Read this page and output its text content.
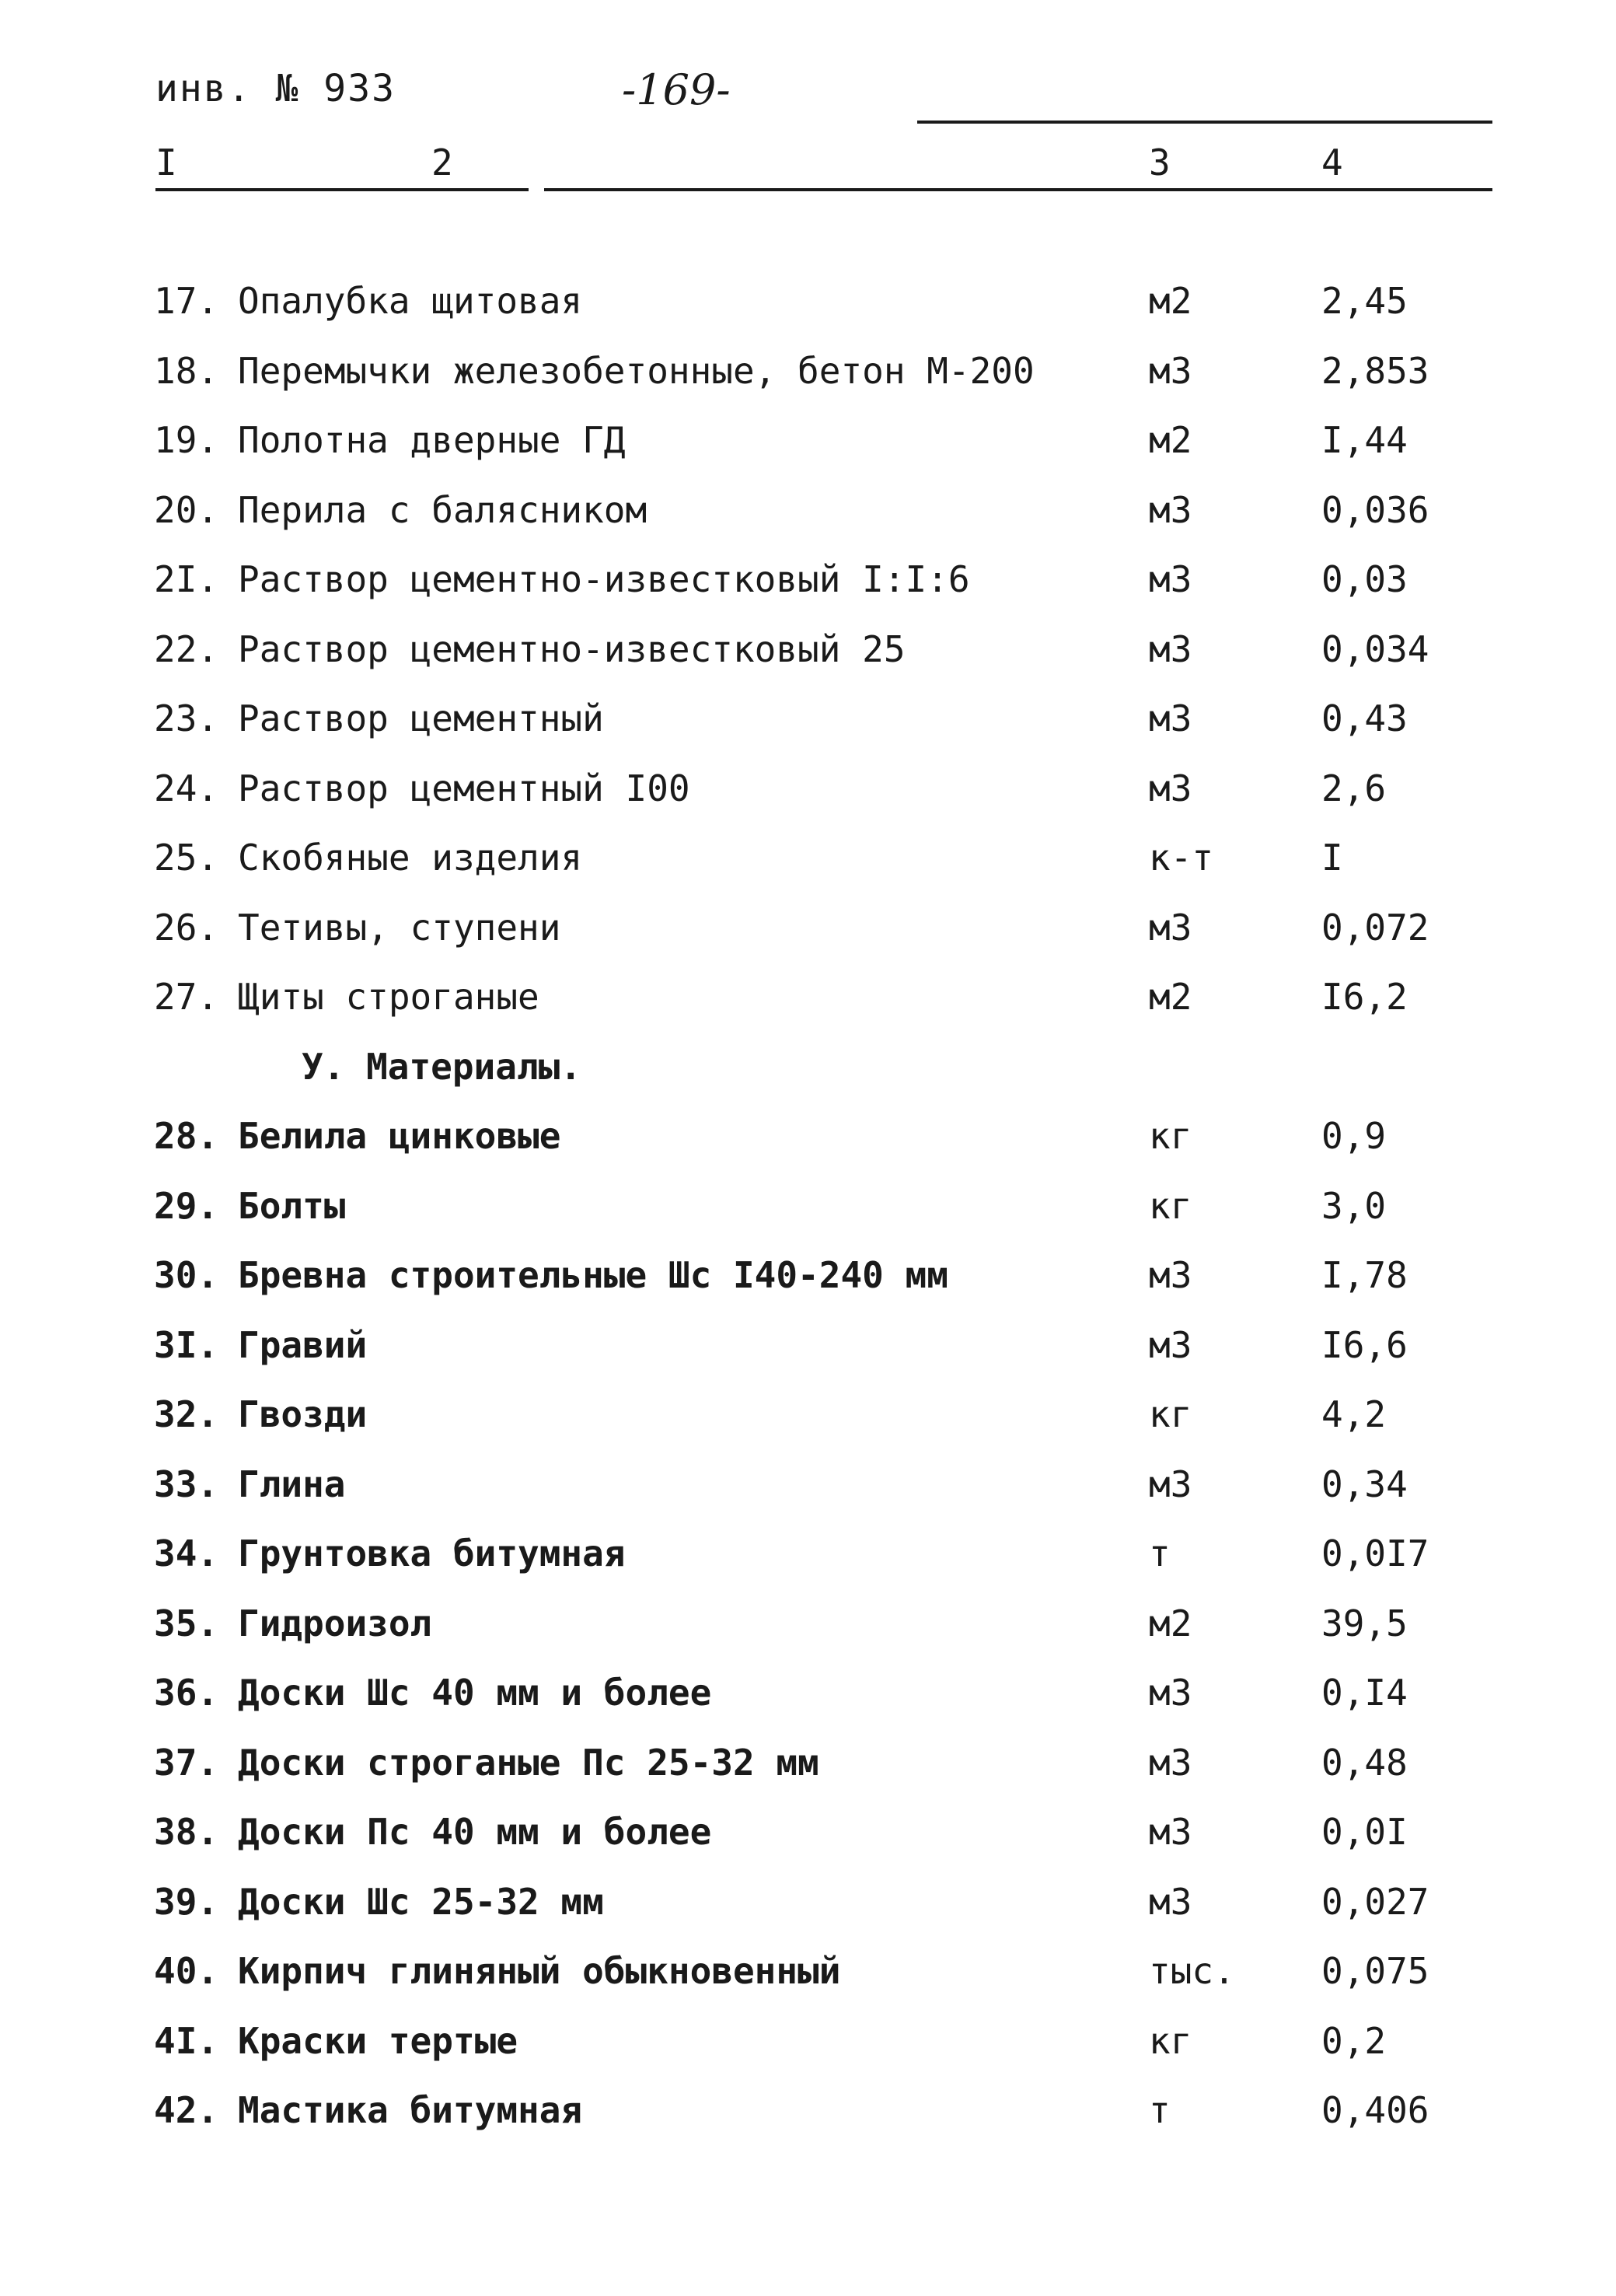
инв. № 933	-169-
I	2	3	4
17. Опалубка щитовая	м2	2,45
18. Перемычки железобетонные, бетон М-200	м3	2,853
19. Полотна дверные ГД	м2	I,44
20. Перила с балясником	м3	0,036
2I. Раствор цементно-известковый I:I:6	м3	0,03
22. Раствор цементно-известковый 25	м3	0,034
23. Раствор цементный	м3	0,43
24. Раствор цементный I00	м3	2,6
25. Скобяные изделия	к-т	I
26. Тетивы, ступени	м3	0,072
27. Щиты строганые	м2	I6,2
У. Материалы.
28. Белила цинковые	кг	0,9
29. Болты	кг	3,0
30. Бревна строительные Шс I40-240 мм	м3	I,78
3I. Гравий	м3	I6,6
32. Гвозди	кг	4,2
33. Глина	м3	0,34
34. Грунтовка битумная	т	0,0I7
35. Гидроизол	м2	39,5
36. Доски Шс 40 мм и более	м3	0,I4
37. Доски строганые Пс 25-32 мм	м3	0,48
38. Доски Пс 40 мм и более	м3	0,0I
39. Доски Шс 25-32 мм	м3	0,027
40. Кирпич глиняный обыкновенный	тыс. 0,075
4I. Краски тертые	кг	0,2
42. Мастика битумная	т	0,406
